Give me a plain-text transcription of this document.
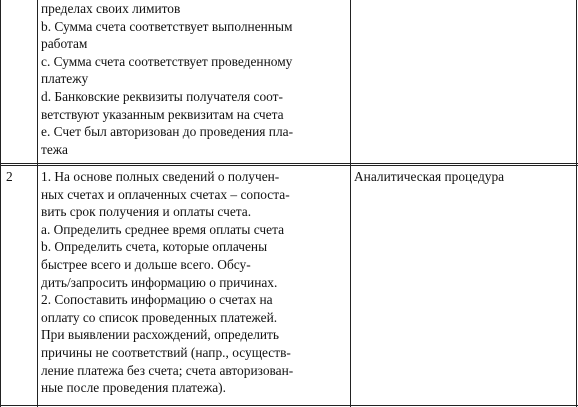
пределах своих лимитов
b. Сумма счета соответствует выполненным
работам
c. Сумма счета соответствует проведенному
платежу
d. Банковские реквизиты получателя соот-
ветствуют указанным реквизитам на счета
e. Счет был авторизован до проведения пла-
тежа
2	1. На основе полных сведений о получен-
ных счетах и оплаченных счетах – сопоста-
вить срок получения и оплаты счета.
a. Определить среднее время оплаты счета
b. Определить счета, которые оплачены
быстрее всего и дольше всего. Обсу-
дить/запросить информацию о причинах.
2. Сопоставить информацию о счетах на
оплату со список проведенных платежей.
При выявлении расхождений, определить
причины не соответствий (напр., осуществ-
ление платежа без счета; счета авторизован-
ные после проведения платежа).
Аналитическая процедура
